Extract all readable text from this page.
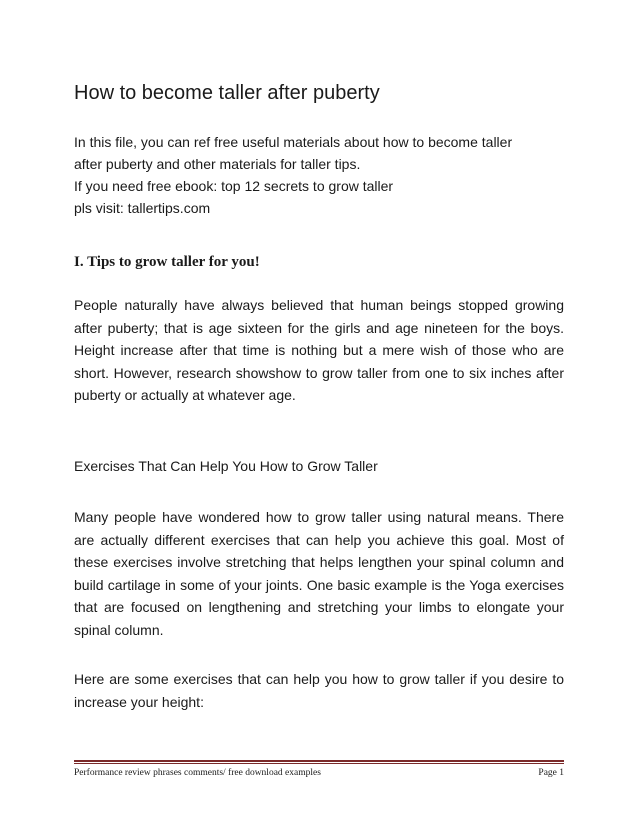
How to become taller after puberty
In this file, you can ref free useful materials about how to become taller
after puberty and other materials for taller tips.
If you need free ebook: top 12 secrets to grow taller
pls visit: tallertips.com
I. Tips to grow taller for you!
People naturally have always believed that human beings stopped growing after puberty; that is age sixteen for the girls and age nineteen for the boys. Height increase after that time is nothing but a mere wish of those who are short. However, research showshow to grow taller from one to six inches after puberty or actually at whatever age.
Exercises That Can Help You How to Grow Taller
Many people have wondered how to grow taller using natural means. There are actually different exercises that can help you achieve this goal. Most of these exercises involve stretching that helps lengthen your spinal column and build cartilage in some of your joints. One basic example is the Yoga exercises that are focused on lengthening and stretching your limbs to elongate your spinal column.
Here are some exercises that can help you how to grow taller if you desire to increase your height:
Performance review phrases comments/ free download examples	Page 1
